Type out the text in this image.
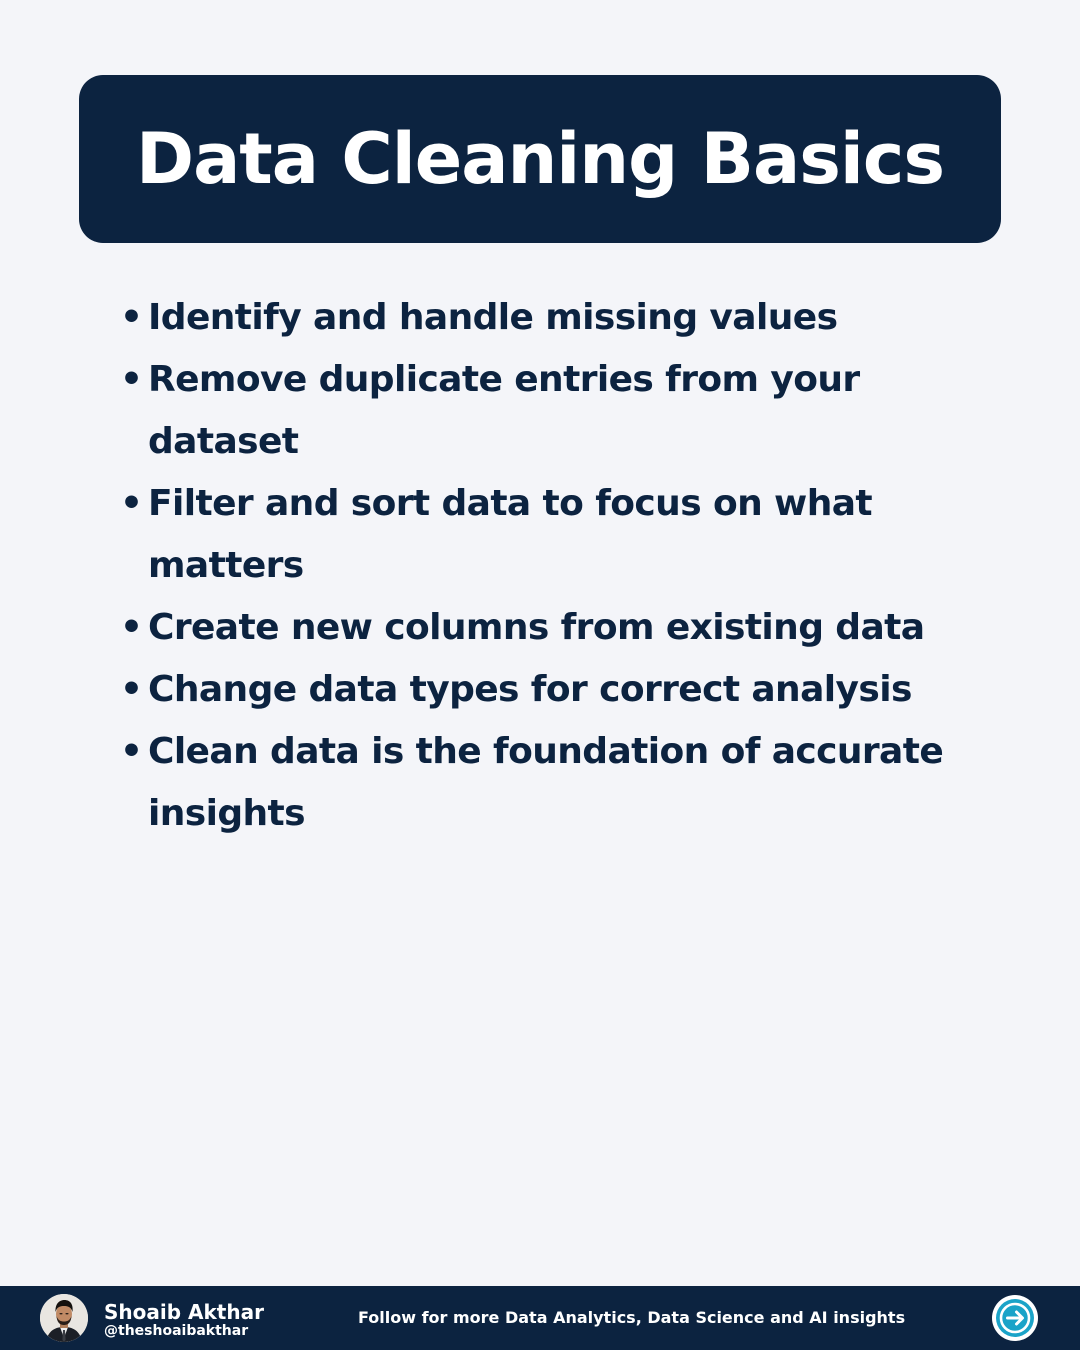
Data Cleaning Basics
• Identify and handle missing values
• Remove duplicate entries from your dataset
• Filter and sort data to focus on what matters
• Create new columns from existing data
• Change data types for correct analysis
• Clean data is the foundation of accurate insights
Shoaib Akthar
@theshoaibakthar
Follow for more Data Analytics, Data Science and AI insights
